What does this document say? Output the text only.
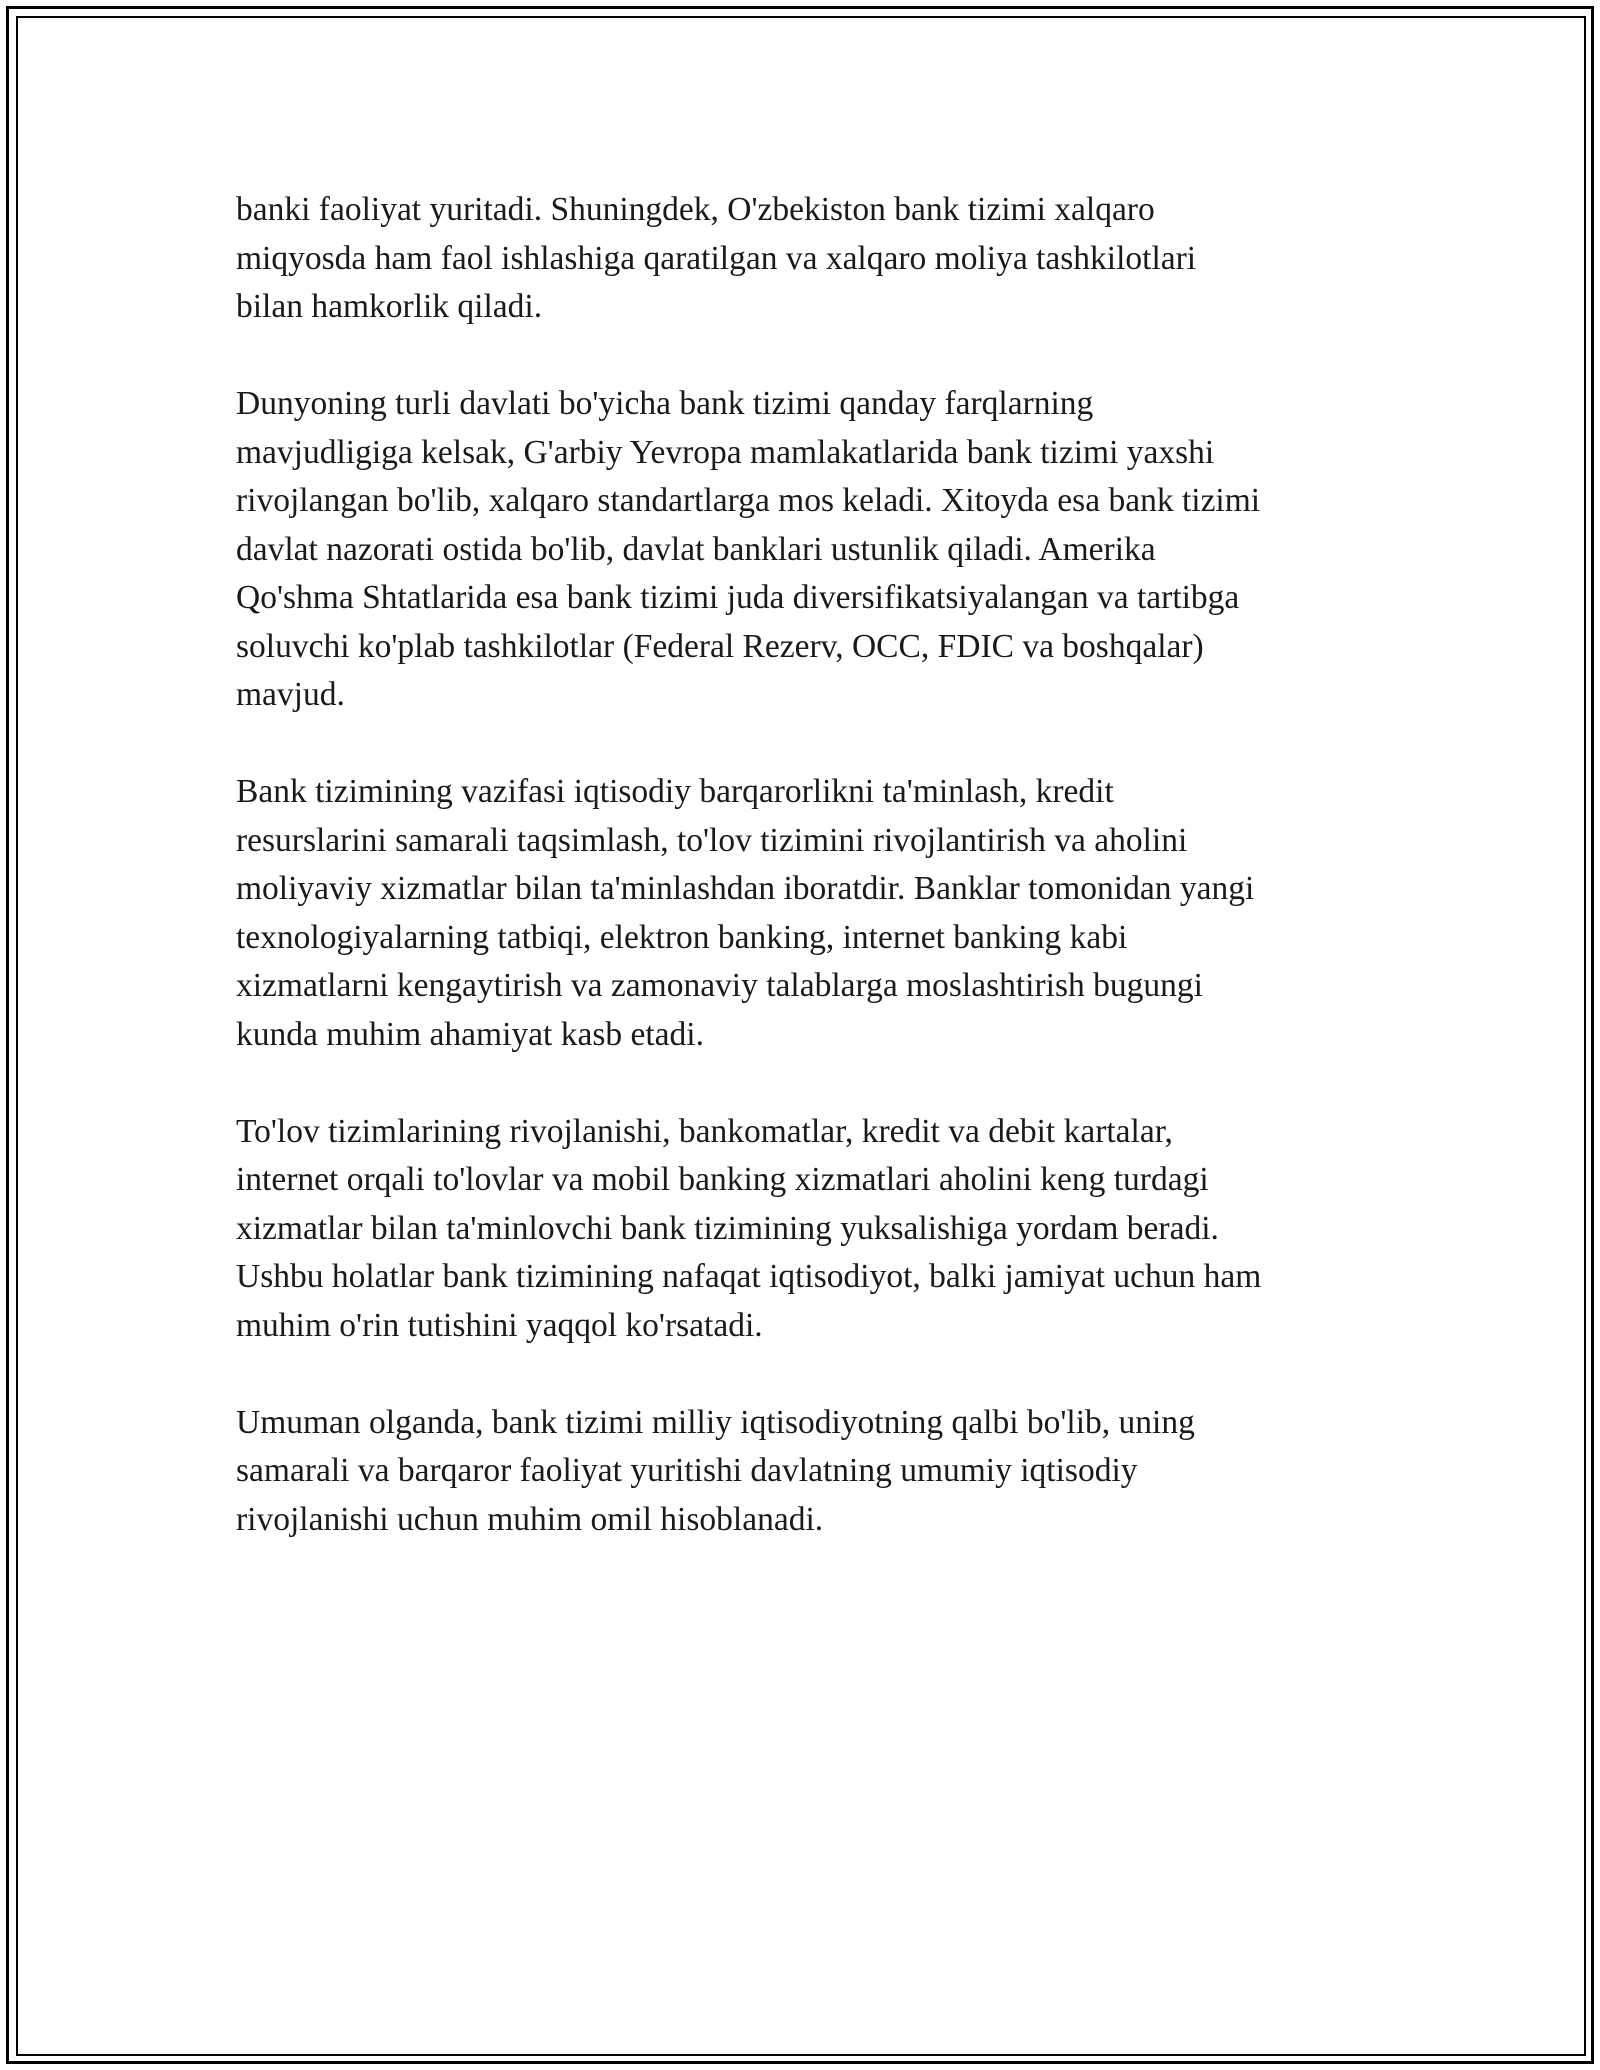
banki faoliyat yuritadi. Shuningdek, O'zbekiston bank tizimi xalqaro
miqyosda ham faol ishlashiga qaratilgan va xalqaro moliya tashkilotlari
bilan hamkorlik qiladi.

Dunyoning turli davlati bo'yicha bank tizimi qanday farqlarning
mavjudligiga kelsak, G'arbiy Yevropa mamlakatlarida bank tizimi yaxshi
rivojlangan bo'lib, xalqaro standartlarga mos keladi. Xitoyda esa bank tizimi
davlat nazorati ostida bo'lib, davlat banklari ustunlik qiladi. Amerika
Qo'shma Shtatlarida esa bank tizimi juda diversifikatsiyalangan va tartibga
soluvchi ko'plab tashkilotlar (Federal Rezerv, OCC, FDIC va boshqalar)
mavjud.

Bank tizimining vazifasi iqtisodiy barqarorlikni ta'minlash, kredit
resurslarini samarali taqsimlash, to'lov tizimini rivojlantirish va aholini
moliyaviy xizmatlar bilan ta'minlashdan iboratdir. Banklar tomonidan yangi
texnologiyalarning tatbiqi, elektron banking, internet banking kabi
xizmatlarni kengaytirish va zamonaviy talablarga moslashtirish bugungi
kunda muhim ahamiyat kasb etadi.

To'lov tizimlarining rivojlanishi, bankomatlar, kredit va debit kartalar,
internet orqali to'lovlar va mobil banking xizmatlari aholini keng turdagi
xizmatlar bilan ta'minlovchi bank tizimining yuksalishiga yordam beradi.
Ushbu holatlar bank tizimining nafaqat iqtisodiyot, balki jamiyat uchun ham
muhim o'rin tutishini yaqqol ko'rsatadi.

Umuman olganda, bank tizimi milliy iqtisodiyotning qalbi bo'lib, uning
samarali va barqaror faoliyat yuritishi davlatning umumiy iqtisodiy
rivojlanishi uchun muhim omil hisoblanadi.
